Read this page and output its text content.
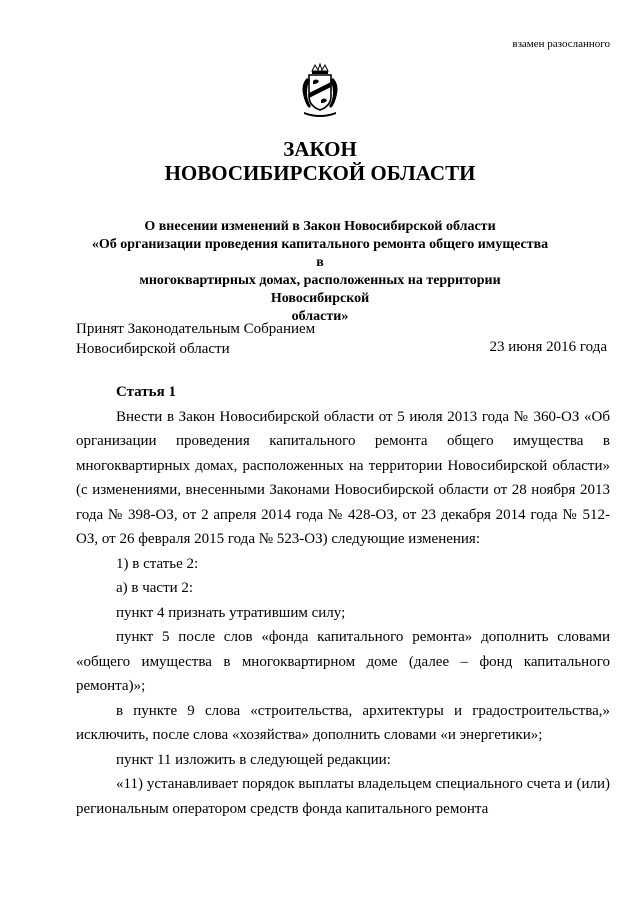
взамен разосланного
ЗАКОН
НОВОСИБИРСКОЙ ОБЛАСТИ
О внесении изменений в Закон Новосибирской области
«Об организации проведения капитального ремонта общего имущества в
многоквартирных домах, расположенных на территории Новосибирской
области»
Принят Законодательным Собранием
Новосибирской области	23 июня 2016 года

Статья 1

Внести в Закон Новосибирской области от 5 июля 2013 года № 360-ОЗ «Об организации проведения капитального ремонта общего имущества в многоквартирных домах, расположенных на территории Новосибирской области» (с изменениями, внесенными Законами Новосибирской области от 28 ноября 2013 года № 398-ОЗ, от 2 апреля 2014 года № 428-ОЗ, от 23 декабря 2014 года № 512-ОЗ, от 26 февраля 2015 года № 523-ОЗ) следующие изменения:

1) в статье 2:

а) в части 2:

пункт 4 признать утратившим силу;

пункт 5 после слов «фонда капитального ремонта» дополнить словами «общего имущества в многоквартирном доме (далее – фонд капитального ремонта)»;

в пункте 9 слова «строительства, архитектуры и градостроительства,» исключить, после слова «хозяйства» дополнить словами «и энергетики»;

пункт 11 изложить в следующей редакции:

«11) устанавливает порядок выплаты владельцем специального счета и (или) региональным оператором средств фонда капитального ремонта
